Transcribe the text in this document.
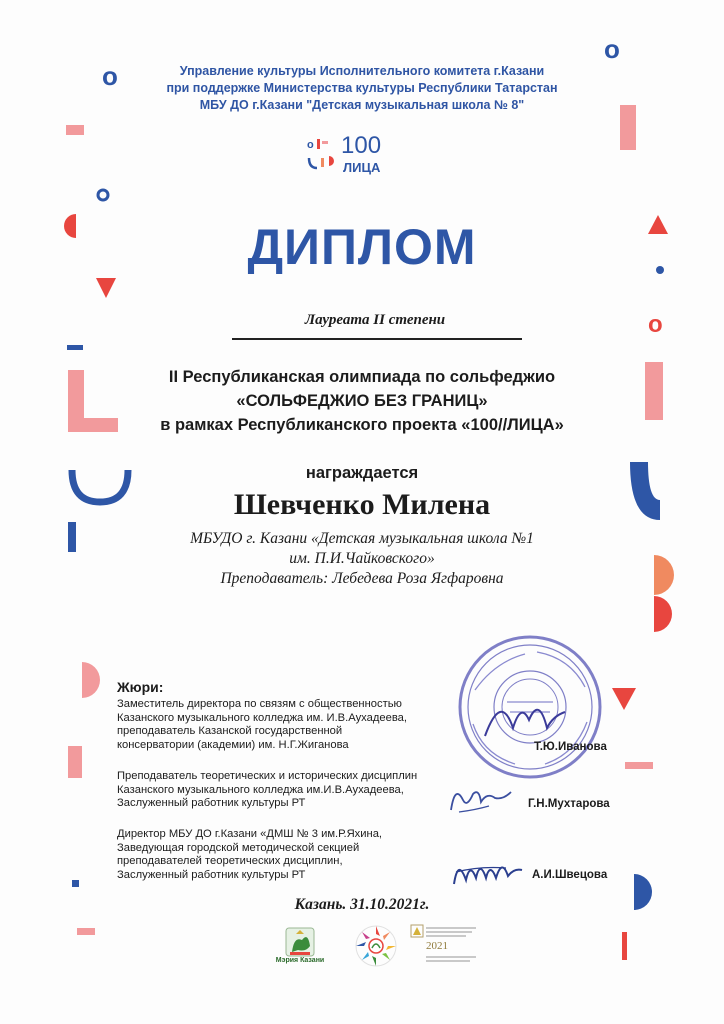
o
o
o
Управление культуры Исполнительного комитета г.Казани
при поддержке Министерства культуры Республики Татарстан
МБУ ДО г.Казани "Детская музыкальная школа № 8"
o 100
ЛИЦА
ДИПЛОМ
Лауреата II степени
II Республиканская олимпиада по сольфеджио
«СОЛЬФЕДЖИО БЕЗ ГРАНИЦ»
в рамках Республиканского проекта «100//ЛИЦА»
награждается
Шевченко Милена
МБУДО г. Казани «Детская музыкальная школа №1
им. П.И.Чайковского»
Преподаватель: Лебедева Роза Ягфаровна
Жюри:
Заместитель директора по связям с общественностью
Казанского музыкального колледжа им. И.В.Аухадеева,
преподаватель Казанской государственной
консерватории (академии) им. Н.Г.Жиганова	Т.Ю.Иванова
Преподаватель теоретических и исторических дисциплин
Казанского музыкального колледжа им.И.В.Аухадеева,
Заслуженный работник культуры РТ	Г.Н.Мухтарова
Директор МБУ ДО г.Казани «ДМШ № 3 им.Р.Яхина,
Заведующая городской методической секцией
преподавателей теоретических дисциплин,
Заслуженный работник культуры РТ	А.И.Швецова
Казань. 31.10.2021г.
Мэрия Казани
2021
